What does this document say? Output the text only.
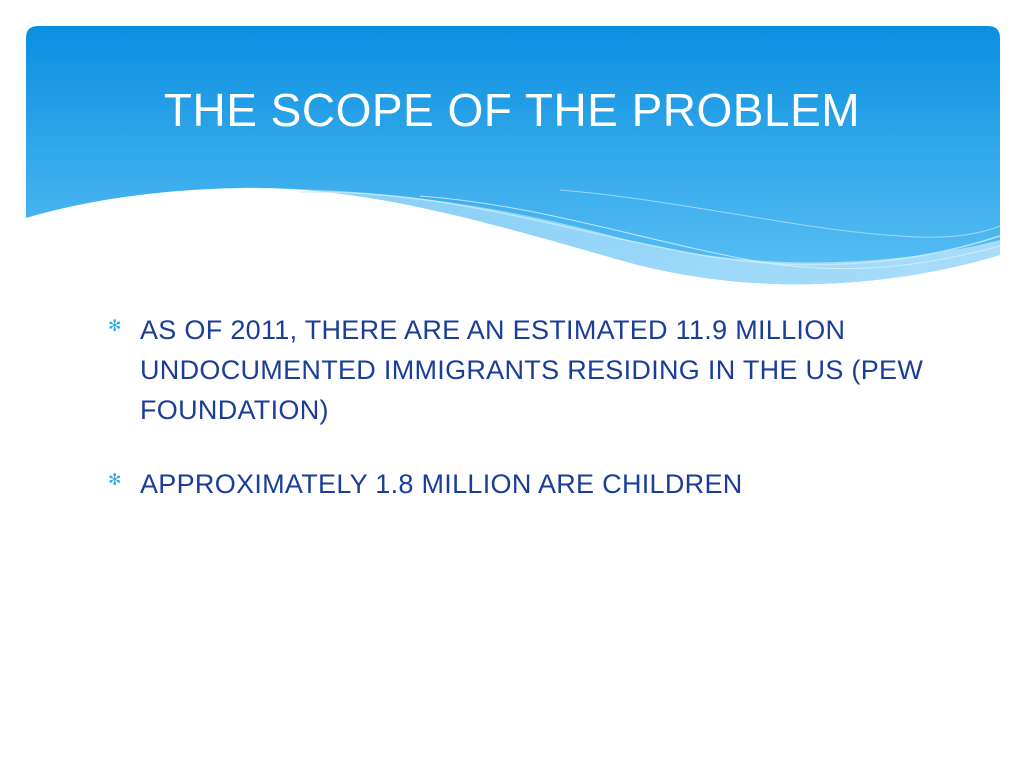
THE SCOPE OF THE PROBLEM
✻ AS OF 2011, THERE ARE AN ESTIMATED 11.9 MILLION UNDOCUMENTED IMMIGRANTS RESIDING IN THE US (PEW FOUNDATION)
✻ APPROXIMATELY 1.8 MILLION ARE CHILDREN
